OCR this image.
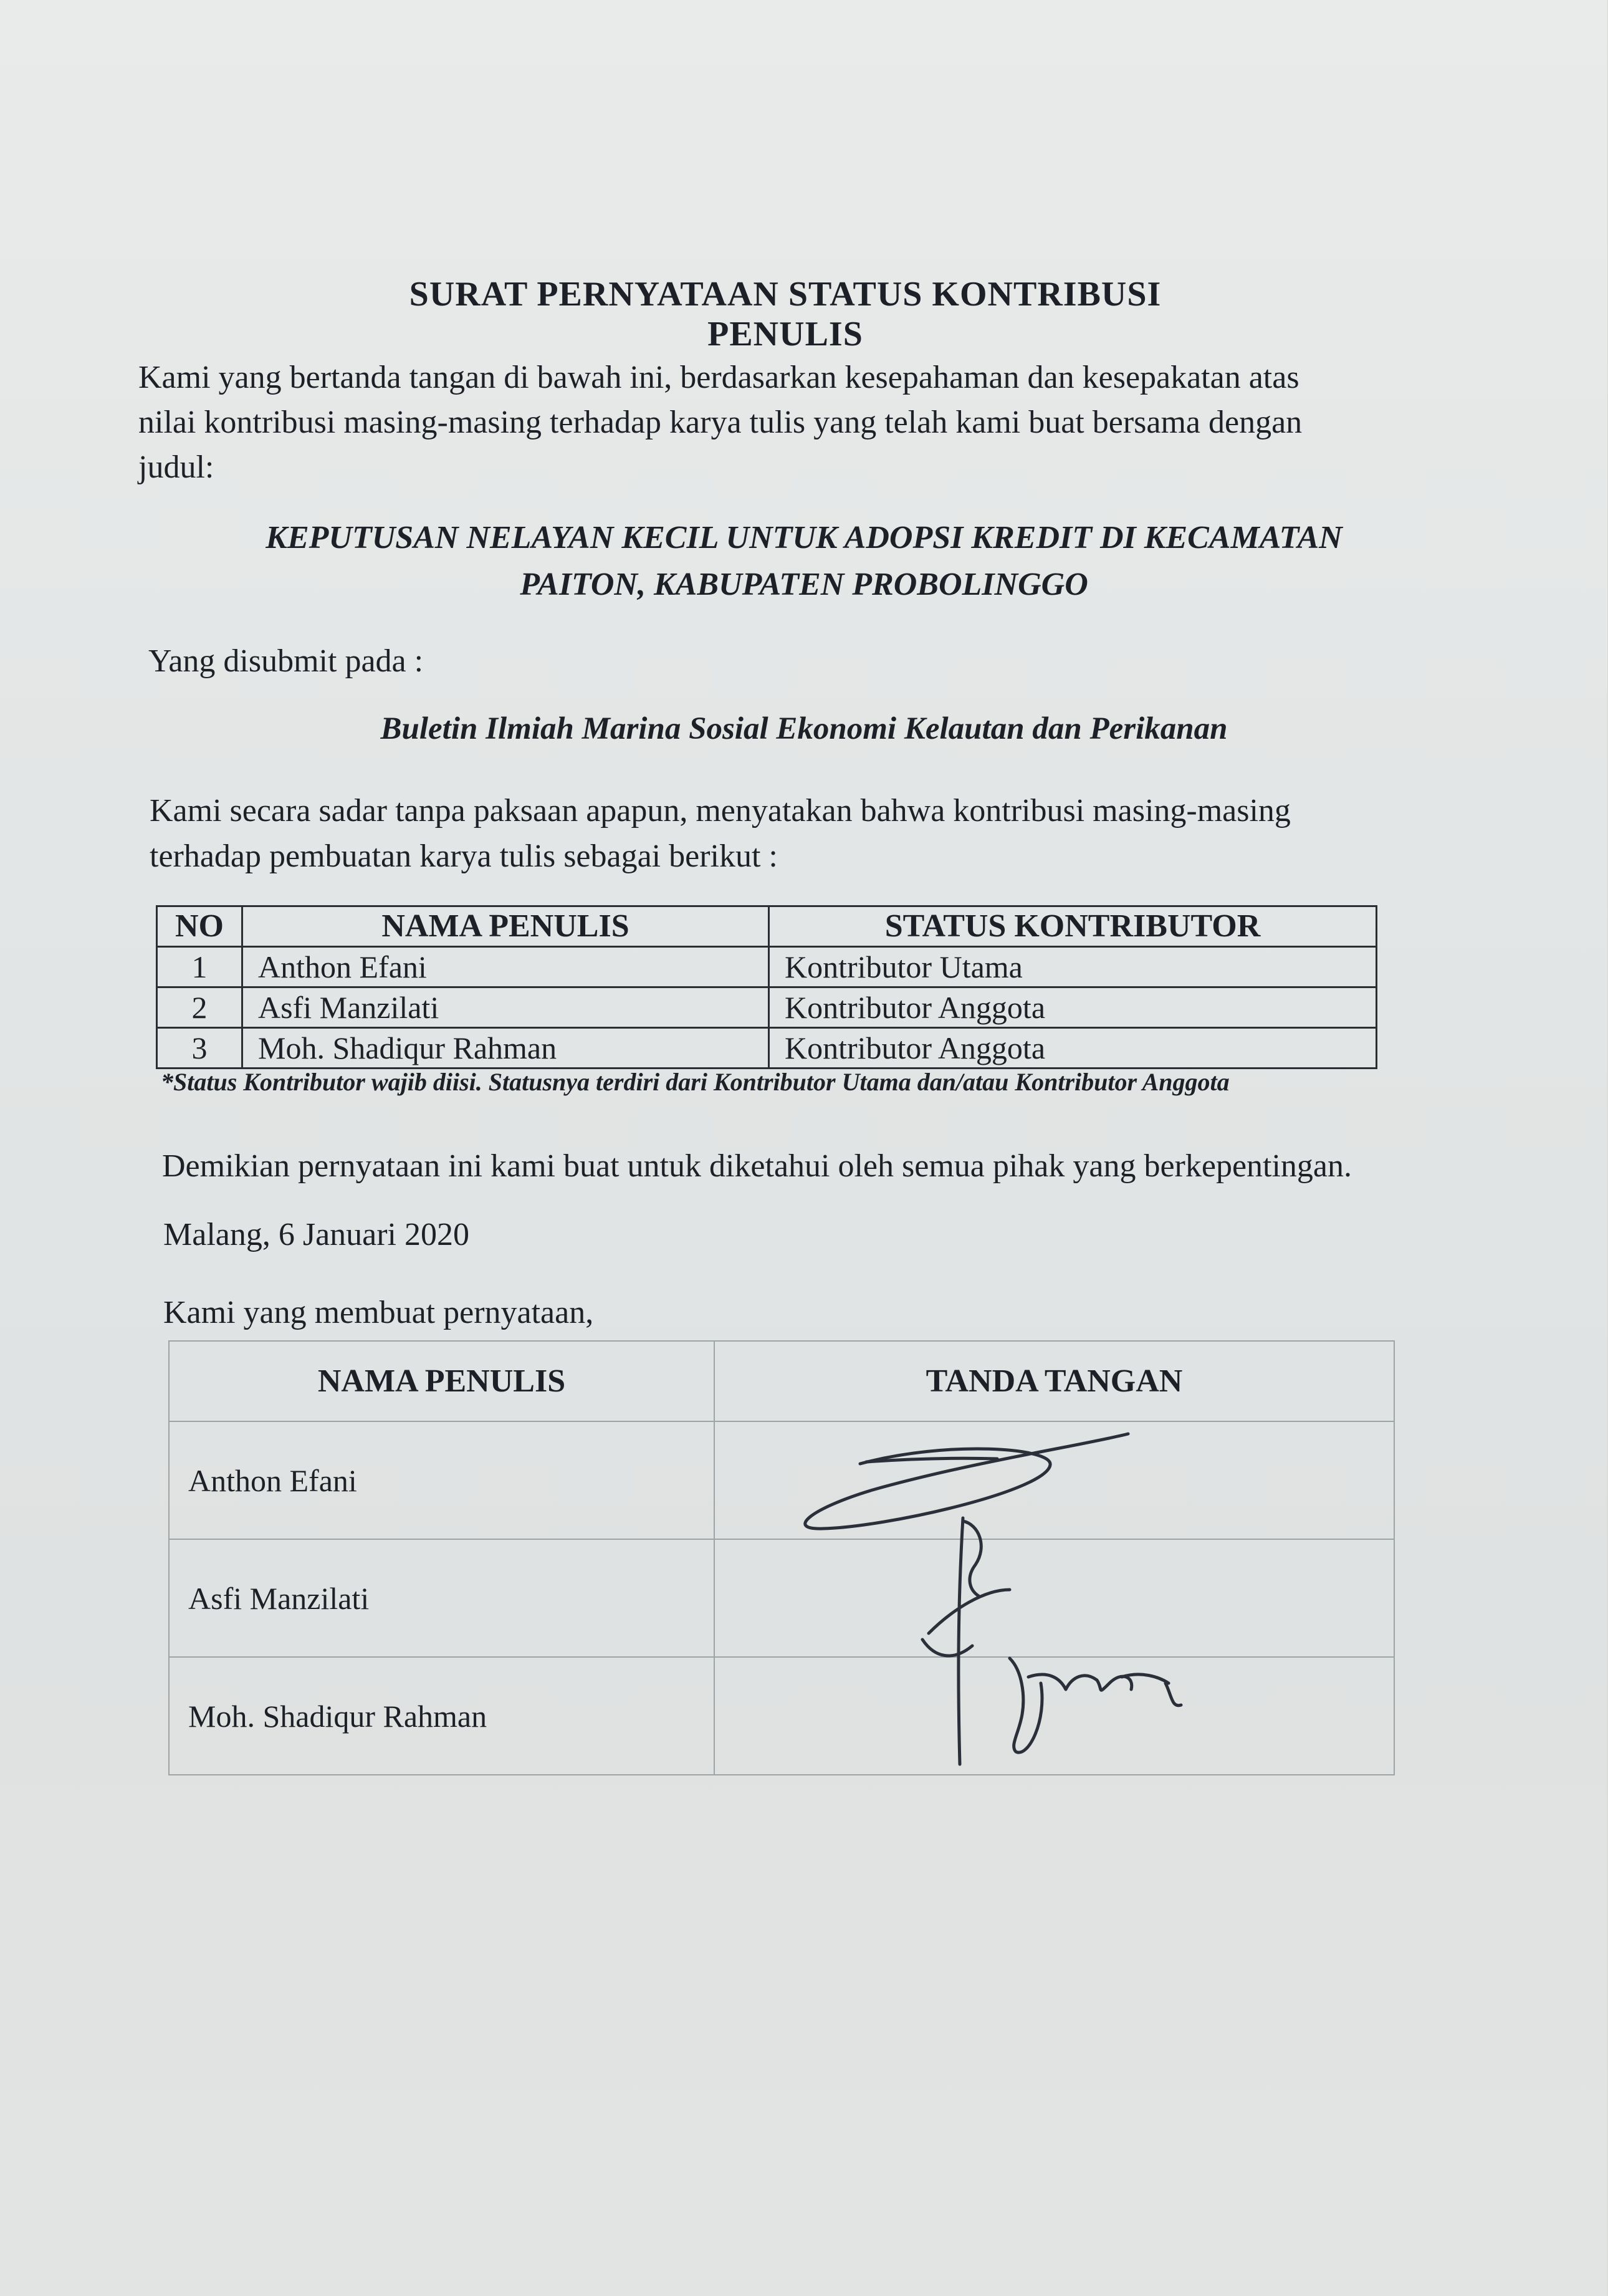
SURAT PERNYATAAN STATUS KONTRIBUSI PENULIS
Kami yang bertanda tangan di bawah ini, berdasarkan kesepahaman dan kesepakatan atas
nilai kontribusi masing-masing terhadap karya tulis yang telah kami buat bersama dengan
judul:
KEPUTUSAN NELAYAN KECIL UNTUK ADOPSI KREDIT DI KECAMATAN
PAITON, KABUPATEN PROBOLINGGO
Yang disubmit pada :
Buletin Ilmiah Marina Sosial Ekonomi Kelautan dan Perikanan
Kami secara sadar tanpa paksaan apapun, menyatakan bahwa kontribusi masing-masing
terhadap pembuatan karya tulis sebagai berikut :
NO	NAMA PENULIS	STATUS KONTRIBUTOR
1	Anthon Efani	Kontributor Utama
2	Asfi Manzilati	Kontributor Anggota
3	Moh. Shadiqur Rahman	Kontributor Anggota
*Status Kontributor wajib diisi. Statusnya terdiri dari Kontributor Utama dan/atau Kontributor Anggota
Demikian pernyataan ini kami buat untuk diketahui oleh semua pihak yang berkepentingan.
Malang, 6 Januari 2020
Kami yang membuat pernyataan,
NAMA PENULIS	TANDA TANGAN
Anthon Efani	
Asfi Manzilati	
Moh. Shadiqur Rahman	
